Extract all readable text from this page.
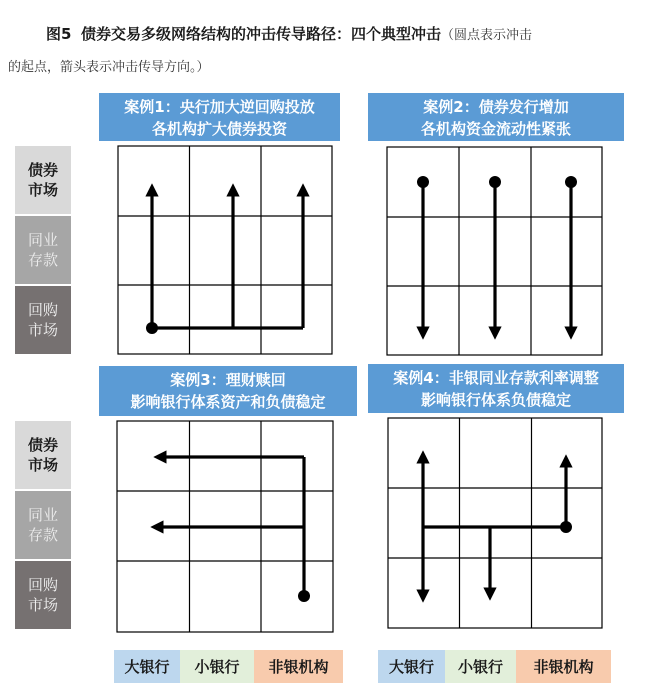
图5 债券交易多级网络结构的冲击传导路径：四个典型冲击（圆点表示冲击
的起点，箭头表示冲击传导方向。）
案例1：央行加大逆回购投放
各机构扩大债券投资
案例2：债券发行增加
各机构资金流动性紧张
案例3：理财赎回
影响银行体系资产和负债稳定
案例4：非银同业存款利率调整
影响银行体系负债稳定
债券
市场
同业
存款
回购
市场
债券
市场
同业
存款
回购
市场
大银行	小银行	非银机构	大银行	小银行	非银机构
